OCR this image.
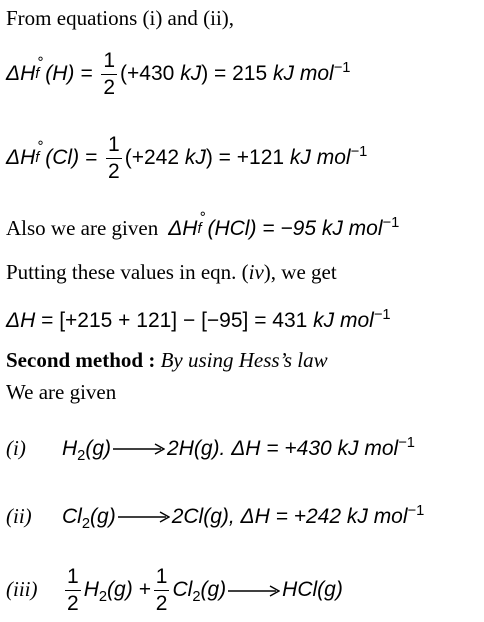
From equations (i) and (ii),
ΔH
∘
f $(H) = \frac{1}{2} (+430$ kJ) = 215 kJ mol$^{-1}$
ΔH
∘
f $(Cl) = \frac{1}{2} (+242$ kJ) = +121 kJ mol$^{-1}$
Also we are given ΔH
∘
f (HCl) = −95 kJ mol$^{-1}$
Putting these values in eqn. (iv), we get
ΔH = [+215 + 121] − [−95] = 431 kJ mol$^{-1}$
Second method : By using Hess’s law
We are given
(i) $H_2(g) \to 2H(g)$. ΔH = +430 kJ mol$^{-1}$
(ii) $Cl_2(g) \to 2Cl(g)$, ΔH = +242 kJ mol$^{-1}$
$(iii) \frac{1}{2} H_2(g) + \frac{1}{2} Cl_2(g) \to HCl(g)$
